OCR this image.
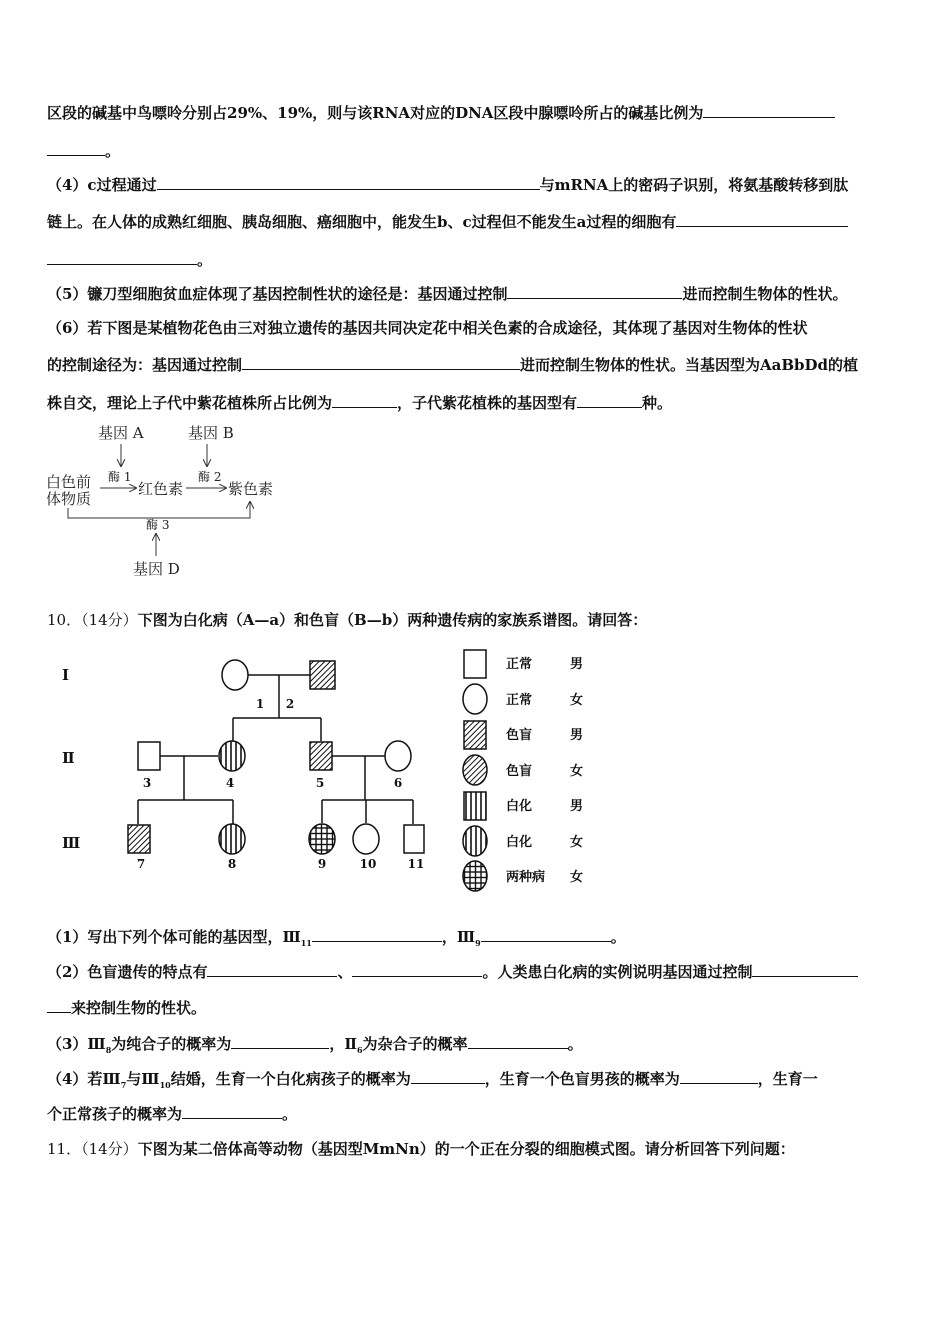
区段的碱基中鸟嘌呤分别占29%、19%，则与该RNA对应的DNA区段中腺嘌呤所占的碱基比例为
。
（4）c过程通过	与mRNA上的密码子识别，将氨基酸转移到肽
链上。在人体的成熟红细胞、胰岛细胞、癌细胞中，能发生b、c过程但不能发生a过程的细胞有
。
（5）镰刀型细胞贫血症体现了基因控制性状的途径是：基因通过控制	进而控制生物体的性状。
（6）若下图是某植物花色由三对独立遗传的基因共同决定花中相关色素的合成途径，其体现了基因对生物体的性状
的控制途径为：基因通过控制	进而控制生物体的性状。当基因型为AaBbDd的植
株自交，理论上子代中紫花植株所占比例为	，子代紫花植株的基因型有	种。
基因 A	基因 B
白色前
体物质
红色素	紫色素
基因 D
酶 1	酶 2
酶 3
10．（14分）下图为白化病（A—a）和色盲（B—b）两种遗传病的家族系谱图。请回答：
Ⅰ
Ⅱ
Ⅲ
1 2
3	4	5	6
7	8	9	10	11
正常	男
正常	女
色盲	男
色盲	女
白化	男
白化	女
两种病 女
（1）写出下列个体可能的基因型，$Ⅲ_{11}$	，$Ⅲ_9$	。
（2）色盲遗传的特点有	、	。人类患白化病的实例说明基因通过控制
来控制生物的性状。
$(3)Ⅲ_8$为纯合子的概率为	，$Ⅱ_6$为杂合子的概率	。
（4）若$Ⅲ_7$与$Ⅲ_{10}$结婚，生育一个白化病孩子的概率为	，生育一个色盲男孩的概率为	，生育一
个正常孩子的概率为	。
11．（14分）下图为某二倍体高等动物（基因型MmNn）的一个正在分裂的细胞模式图。请分析回答下列问题：
